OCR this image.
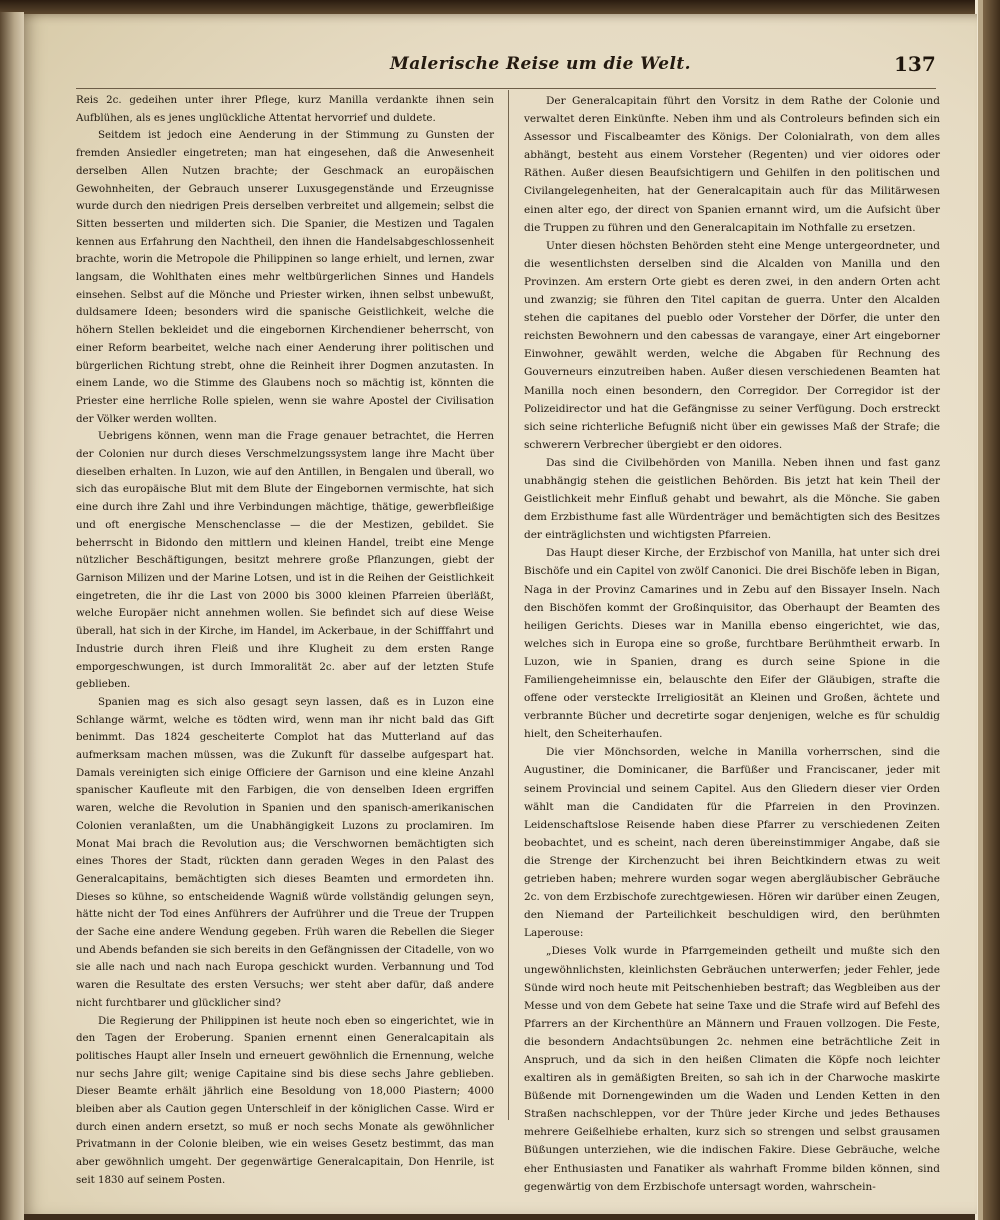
Malerische Reise um die Welt.	137

Reis 2c. gedeihen unter ihrer Pflege, kurz Manilla verdankte ihnen sein Aufblühen, als es jenes unglückliche Attentat hervorrief und duldete.

Seitdem ist jedoch eine Aenderung in der Stimmung zu Gunsten der fremden Ansiedler eingetreten; man hat eingesehen, daß die Anwesenheit derselben Allen Nutzen brachte; der Geschmack an europäischen Gewohnheiten, der Gebrauch unserer Luxusgegenstände und Erzeugnisse wurde durch den niedrigen Preis derselben verbreitet und allgemein; selbst die Sitten besserten und milderten sich. Die Spanier, die Mestizen und Tagalen kennen aus Erfahrung den Nachtheil, den ihnen die Handelsabgeschlossenheit brachte, worin die Metropole die Philippinen so lange erhielt, und lernen, zwar langsam, die Wohlthaten eines mehr weltbürgerlichen Sinnes und Handels einsehen. Selbst auf die Mönche und Priester wirken, ihnen selbst unbewußt, duldsamere Ideen; besonders wird die spanische Geistlichkeit, welche die höhern Stellen bekleidet und die eingebornen Kirchendiener beherrscht, von einer Reform bearbeitet, welche nach einer Aenderung ihrer politischen und bürgerlichen Richtung strebt, ohne die Reinheit ihrer Dogmen anzutasten. In einem Lande, wo die Stimme des Glaubens noch so mächtig ist, könnten die Priester eine herrliche Rolle spielen, wenn sie wahre Apostel der Civilisation der Völker werden wollten.

Uebrigens können, wenn man die Frage genauer betrachtet, die Herren der Colonien nur durch dieses Verschmelzungssystem lange ihre Macht über dieselben erhalten. In Luzon, wie auf den Antillen, in Bengalen und überall, wo sich das europäische Blut mit dem Blute der Eingebornen vermischte, hat sich eine durch ihre Zahl und ihre Verbindungen mächtige, thätige, gewerbfleißige und oft energische Menschenclasse — die der Mestizen, gebildet. Sie beherrscht in Bidondo den mittlern und kleinen Handel, treibt eine Menge nützlicher Beschäftigungen, besitzt mehrere große Pflanzungen, giebt der Garnison Milizen und der Marine Lotsen, und ist in die Reihen der Geistlichkeit eingetreten, die ihr die Last von 2000 bis 3000 kleinen Pfarreien überläßt, welche Europäer nicht annehmen wollen. Sie befindet sich auf diese Weise überall, hat sich in der Kirche, im Handel, im Ackerbaue, in der Schifffahrt und Industrie durch ihren Fleiß und ihre Klugheit zu dem ersten Range emporgeschwungen, ist durch Immoralität 2c. aber auf der letzten Stufe geblieben.

Spanien mag es sich also gesagt seyn lassen, daß es in Luzon eine Schlange wärmt, welche es tödten wird, wenn man ihr nicht bald das Gift benimmt. Das 1824 gescheiterte Complot hat das Mutterland auf das aufmerksam machen müssen, was die Zukunft für dasselbe aufgespart hat. Damals vereinigten sich einige Officiere der Garnison und eine kleine Anzahl spanischer Kaufleute mit den Farbigen, die von denselben Ideen ergriffen waren, welche die Revolution in Spanien und den spanisch-amerikanischen Colonien veranlaßten, um die Unabhängigkeit Luzons zu proclamiren. Im Monat Mai brach die Revolution aus; die Verschwornen bemächtigten sich eines Thores der Stadt, rückten dann geraden Weges in den Palast des Generalcapitains, bemächtigten sich dieses Beamten und ermordeten ihn. Dieses so kühne, so entscheidende Wagniß würde vollständig gelungen seyn, hätte nicht der Tod eines Anführers der Aufrührer und die Treue der Truppen der Sache eine andere Wendung gegeben. Früh waren die Rebellen die Sieger und Abends befanden sie sich bereits in den Gefängnissen der Citadelle, von wo sie alle nach und nach nach Europa geschickt wurden. Verbannung und Tod waren die Resultate des ersten Versuchs; wer steht aber dafür, daß andere nicht furchtbarer und glücklicher sind?

Die Regierung der Philippinen ist heute noch eben so eingerichtet, wie in den Tagen der Eroberung. Spanien ernennt einen Generalcapitain als politisches Haupt aller Inseln und erneuert gewöhnlich die Ernennung, welche nur sechs Jahre gilt; wenige Capitaine sind bis diese sechs Jahre geblieben. Dieser Beamte erhält jährlich eine Besoldung von 18,000 Piastern; 4000 bleiben aber als Caution gegen Unterschleif in der königlichen Casse. Wird er durch einen andern ersetzt, so muß er noch sechs Monate als gewöhnlicher Privatmann in der Colonie bleiben, wie ein weises Gesetz bestimmt, das man aber gewöhnlich umgeht. Der gegenwärtige Generalcapitain, Don Henrile, ist seit 1830 auf seinem Posten.

Der Generalcapitain führt den Vorsitz in dem Rathe der Colonie und verwaltet deren Einkünfte. Neben ihm und als Controleurs befinden sich ein Assessor und Fiscalbeamter des Königs. Der Colonialrath, von dem alles abhängt, besteht aus einem Vorsteher (Regenten) und vier oidores oder Räthen. Außer diesen Beaufsichtigern und Gehilfen in den politischen und Civilangelegenheiten, hat der Generalcapitain auch für das Militärwesen einen alter ego, der direct von Spanien ernannt wird, um die Aufsicht über die Truppen zu führen und den Generalcapitain im Nothfalle zu ersetzen.

Unter diesen höchsten Behörden steht eine Menge untergeordneter, und die wesentlichsten derselben sind die Alcalden von Manilla und den Provinzen. Am erstern Orte giebt es deren zwei, in den andern Orten acht und zwanzig; sie führen den Titel capitan de guerra. Unter den Alcalden stehen die capitanes del pueblo oder Vorsteher der Dörfer, die unter den reichsten Bewohnern und den cabessas de varangaye, einer Art eingeborner Einwohner, gewählt werden, welche die Abgaben für Rechnung des Gouverneurs einzutreiben haben. Außer diesen verschiedenen Beamten hat Manilla noch einen besondern, den Corregidor. Der Corregidor ist der Polizeidirector und hat die Gefängnisse zu seiner Verfügung. Doch erstreckt sich seine richterliche Befugniß nicht über ein gewisses Maß der Strafe; die schwerern Verbrecher übergiebt er den oidores.

Das sind die Civilbehörden von Manilla. Neben ihnen und fast ganz unabhängig stehen die geistlichen Behörden. Bis jetzt hat kein Theil der Geistlichkeit mehr Einfluß gehabt und bewahrt, als die Mönche. Sie gaben dem Erzbisthume fast alle Würdenträger und bemächtigten sich des Besitzes der einträglichsten und wichtigsten Pfarreien.

Das Haupt dieser Kirche, der Erzbischof von Manilla, hat unter sich drei Bischöfe und ein Capitel von zwölf Canonici. Die drei Bischöfe leben in Bigan, Naga in der Provinz Camarines und in Zebu auf den Bissayer Inseln. Nach den Bischöfen kommt der Großinquisitor, das Oberhaupt der Beamten des heiligen Gerichts. Dieses war in Manilla ebenso eingerichtet, wie das, welches sich in Europa eine so große, furchtbare Berühmtheit erwarb. In Luzon, wie in Spanien, drang es durch seine Spione in die Familiengeheimnisse ein, belauschte den Eifer der Gläubigen, strafte die offene oder versteckte Irreligiosität an Kleinen und Großen, ächtete und verbrannte Bücher und decretirte sogar denjenigen, welche es für schuldig hielt, den Scheiterhaufen.

Die vier Mönchsorden, welche in Manilla vorherrschen, sind die Augustiner, die Dominicaner, die Barfüßer und Franciscaner, jeder mit seinem Provincial und seinem Capitel. Aus den Gliedern dieser vier Orden wählt man die Candidaten für die Pfarreien in den Provinzen. Leidenschaftslose Reisende haben diese Pfarrer zu verschiedenen Zeiten beobachtet, und es scheint, nach deren übereinstimmiger Angabe, daß sie die Strenge der Kirchenzucht bei ihren Beichtkindern etwas zu weit getrieben haben; mehrere wurden sogar wegen abergläubischer Gebräuche 2c. von dem Erzbischofe zurechtgewiesen. Hören wir darüber einen Zeugen, den Niemand der Parteilichkeit beschuldigen wird, den berühmten Laperouse:

„Dieses Volk wurde in Pfarrgemeinden getheilt und mußte sich den ungewöhnlichsten, kleinlichsten Gebräuchen unterwerfen; jeder Fehler, jede Sünde wird noch heute mit Peitschenhieben bestraft; das Wegbleiben aus der Messe und von dem Gebete hat seine Taxe und die Strafe wird auf Befehl des Pfarrers an der Kirchenthüre an Männern und Frauen vollzogen. Die Feste, die besondern Andachtsübungen 2c. nehmen eine beträchtliche Zeit in Anspruch, und da sich in den heißen Climaten die Köpfe noch leichter exaltiren als in gemäßigten Breiten, so sah ich in der Charwoche maskirte Büßende mit Dornengewinden um die Waden und Lenden Ketten in den Straßen nachschleppen, vor der Thüre jeder Kirche und jedes Bethauses mehrere Geißelhiebe erhalten, kurz sich so strengen und selbst grausamen Büßungen unterziehen, wie die indischen Fakire. Diese Gebräuche, welche eher Enthusiasten und Fanatiker als wahrhaft Fromme bilden können, sind gegenwärtig von dem Erzbischofe untersagt worden, wahrschein-
